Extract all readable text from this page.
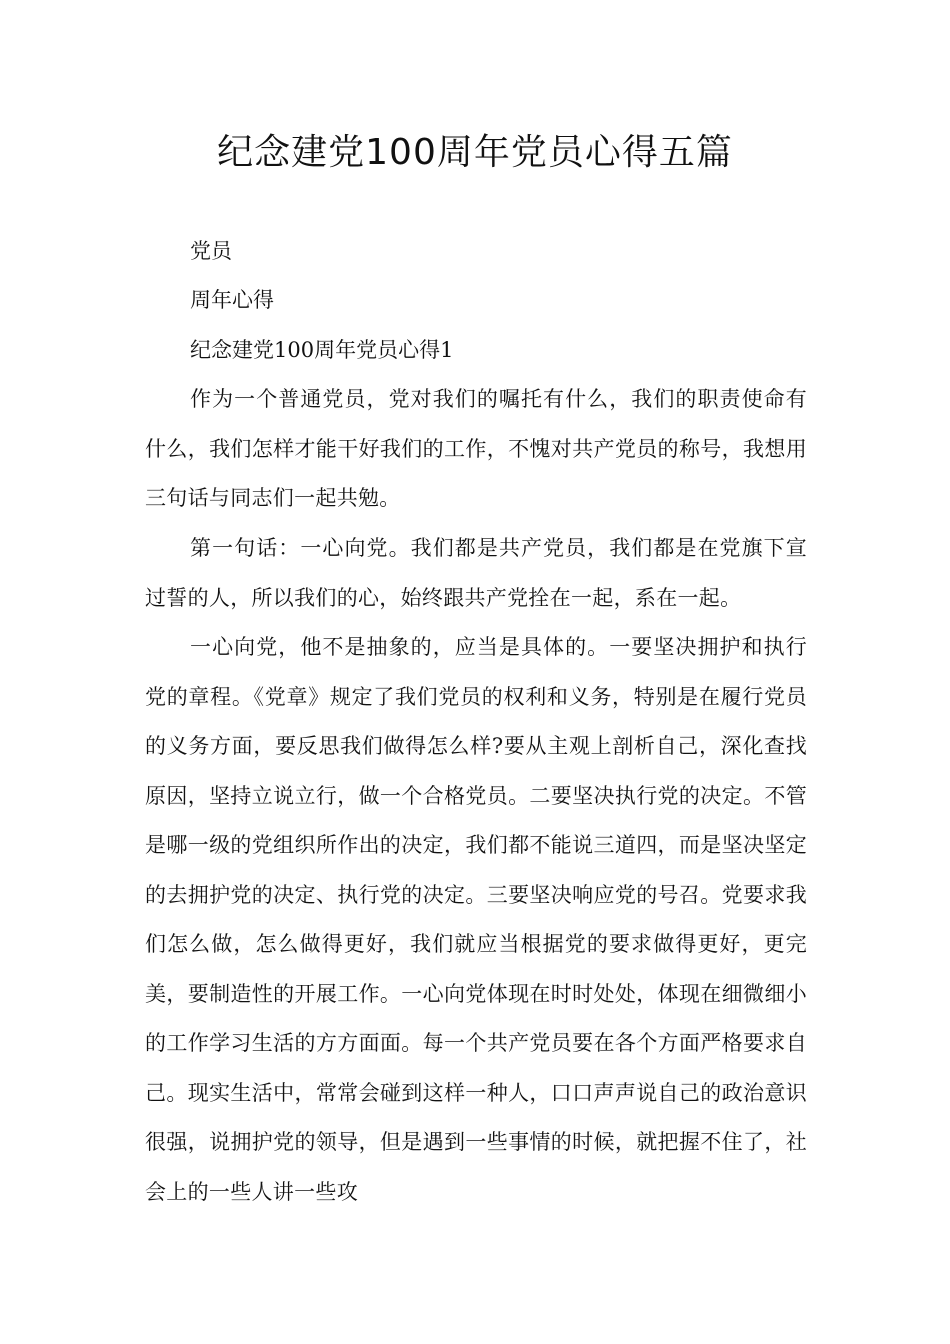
纪念建党100周年党员心得五篇

党员

周年心得

纪念建党100周年党员心得1

作为一个普通党员，党对我们的嘱托有什么，我们的职责使命有什么，我们怎样才能干好我们的工作，不愧对共产党员的称号，我想用三句话与同志们一起共勉。

第一句话：一心向党。我们都是共产党员，我们都是在党旗下宣过誓的人，所以我们的心，始终跟共产党拴在一起，系在一起。

一心向党，他不是抽象的，应当是具体的。一要坚决拥护和执行党的章程。《党章》规定了我们党员的权利和义务，特别是在履行党员的义务方面，要反思我们做得怎么样?要从主观上剖析自己，深化查找原因，坚持立说立行，做一个合格党员。二要坚决执行党的决定。不管是哪一级的党组织所作出的决定，我们都不能说三道四，而是坚决坚定的去拥护党的决定、执行党的决定。三要坚决响应党的号召。党要求我们怎么做，怎么做得更好，我们就应当根据党的要求做得更好，更完美，要制造性的开展工作。一心向党体现在时时处处，体现在细微细小的工作学习生活的方方面面。每一个共产党员要在各个方面严格要求自己。现实生活中，常常会碰到这样一种人，口口声声说自己的政治意识很强，说拥护党的领导，但是遇到一些事情的时候，就把握不住了，社会上的一些人讲一些攻
